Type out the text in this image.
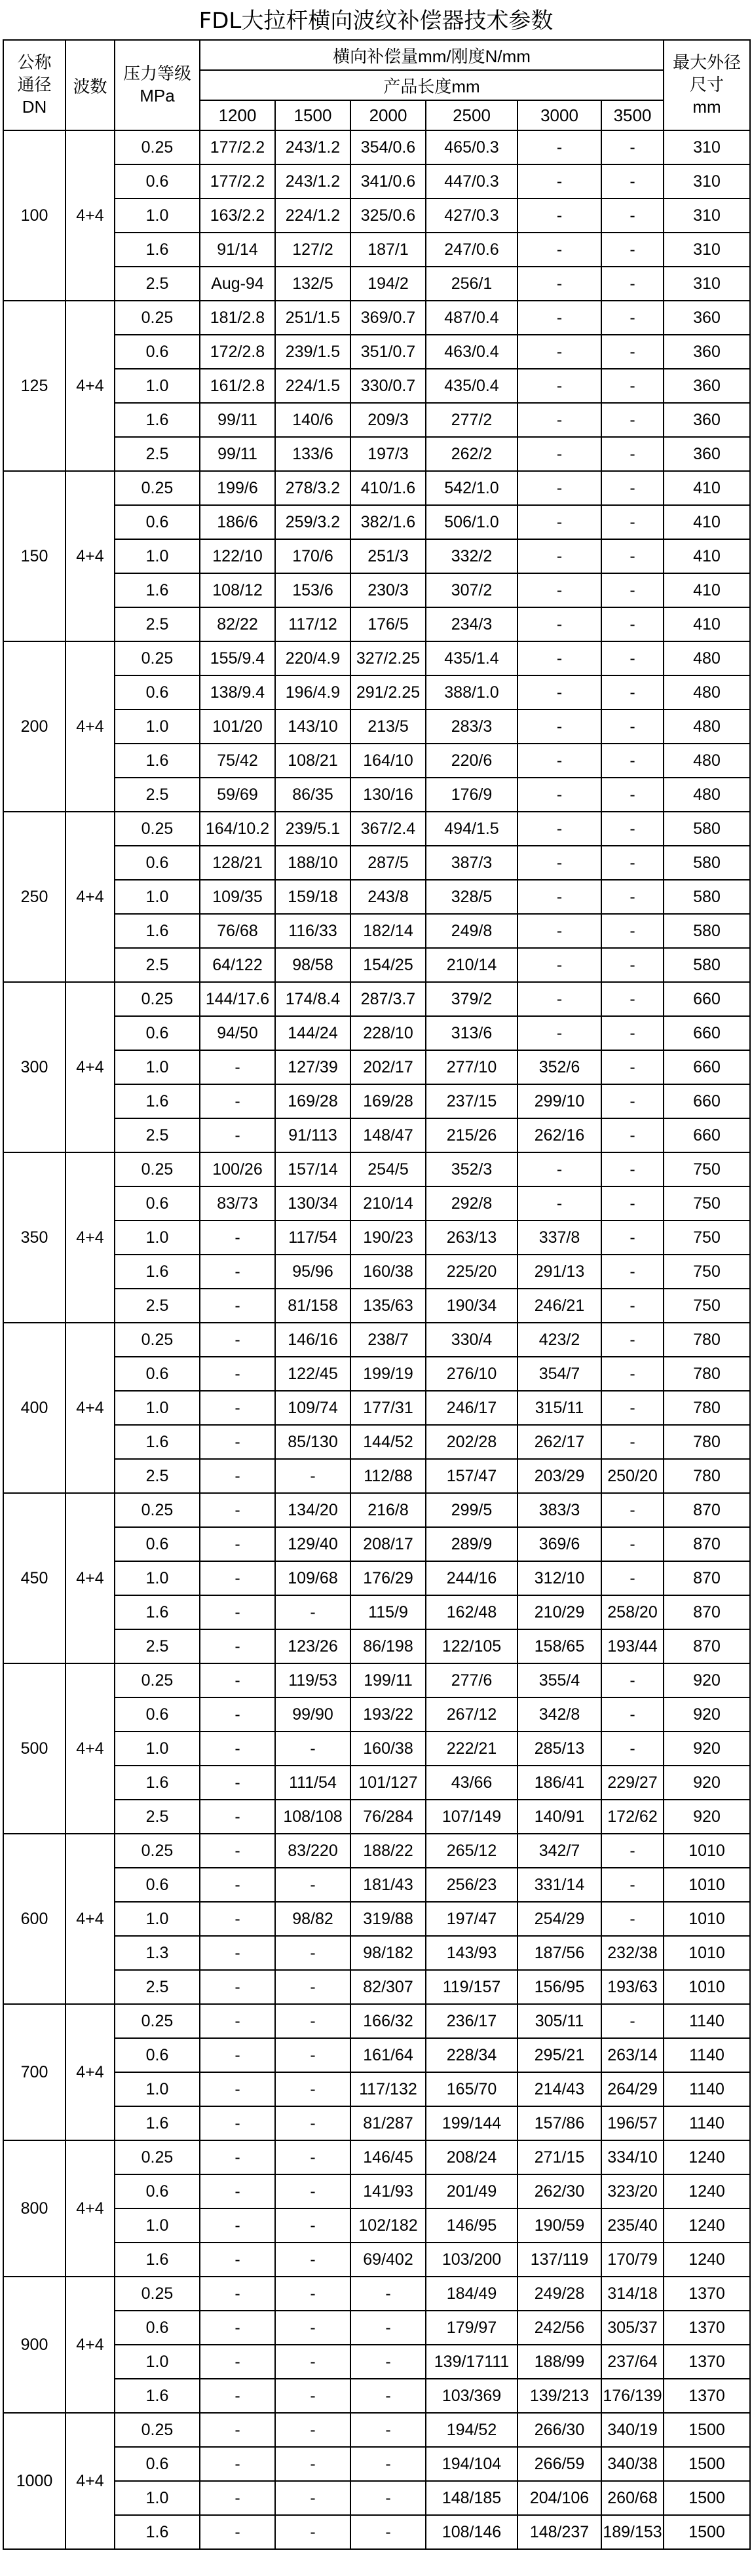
FDL大拉杆横向波纹补偿器技术参数
公称
通径
DN	波数	压力等级
MPa	横向补偿量mm/刚度N/mm						最大外径
尺寸
mm

			产品长度mm						
			1200	1500	2000	2500	3000	3500	
100	4+4	0.25	177/2.2	243/1.2	354/0.6	465/0.3	-	-	310
		0.6	177/2.2	243/1.2	341/0.6	447/0.3	-	-	310
		1.0	163/2.2	224/1.2	325/0.6	427/0.3	-	-	310
		1.6	91/14	127/2	187/1	247/0.6	-	-	310
		2.5	Aug-94	132/5	194/2	256/1	-	-	310
125	4+4	0.25	181/2.8	251/1.5	369/0.7	487/0.4	-	-	360
		0.6	172/2.8	239/1.5	351/0.7	463/0.4	-	-	360
		1.0	161/2.8	224/1.5	330/0.7	435/0.4	-	-	360
		1.6	99/11	140/6	209/3	277/2	-	-	360
		2.5	99/11	133/6	197/3	262/2	-	-	360
150	4+4	0.25	199/6	278/3.2	410/1.6	542/1.0	-	-	410
		0.6	186/6	259/3.2	382/1.6	506/1.0	-	-	410
		1.0	122/10	170/6	251/3	332/2	-	-	410
		1.6	108/12	153/6	230/3	307/2	-	-	410
		2.5	82/22	117/12	176/5	234/3	-	-	410
200	4+4	0.25	155/9.4	220/4.9	327/2.25	435/1.4	-	-	480
		0.6	138/9.4	196/4.9	291/2.25	388/1.0	-	-	480
		1.0	101/20	143/10	213/5	283/3	-	-	480
		1.6	75/42	108/21	164/10	220/6	-	-	480
		2.5	59/69	86/35	130/16	176/9	-	-	480
250	4+4	0.25	164/10.2	239/5.1	367/2.4	494/1.5	-	-	580
		0.6	128/21	188/10	287/5	387/3	-	-	580
		1.0	109/35	159/18	243/8	328/5	-	-	580
		1.6	76/68	116/33	182/14	249/8	-	-	580
		2.5	64/122	98/58	154/25	210/14	-	-	580
300	4+4	0.25	144/17.6	174/8.4	287/3.7	379/2	-	-	660
		0.6	94/50	144/24	228/10	313/6	-	-	660
		1.0	-	127/39	202/17	277/10	352/6	-	660
		1.6	-	169/28	169/28	237/15	299/10	-	660
		2.5	-	91/113	148/47	215/26	262/16	-	660
350	4+4	0.25	100/26	157/14	254/5	352/3	-	-	750
		0.6	83/73	130/34	210/14	292/8	-	-	750
		1.0	-	117/54	190/23	263/13	337/8	-	750
		1.6	-	95/96	160/38	225/20	291/13	-	750
		2.5	-	81/158	135/63	190/34	246/21	-	750
400	4+4	0.25	-	146/16	238/7	330/4	423/2	-	780
		0.6	-	122/45	199/19	276/10	354/7	-	780
		1.0	-	109/74	177/31	246/17	315/11	-	780
		1.6	-	85/130	144/52	202/28	262/17	-	780
		2.5	-	-	112/88	157/47	203/29	250/20	780
450	4+4	0.25	-	134/20	216/8	299/5	383/3	-	870
		0.6	-	129/40	208/17	289/9	369/6	-	870
		1.0	-	109/68	176/29	244/16	312/10	-	870
		1.6	-	-	115/9	162/48	210/29	258/20	870
		2.5	-	123/26	86/198	122/105	158/65	193/44	870
500	4+4	0.25	-	119/53	199/11	277/6	355/4	-	920
		0.6	-	99/90	193/22	267/12	342/8	-	920
		1.0	-	-	160/38	222/21	285/13	-	920
		1.6	-	111/54	101/127	43/66	186/41	229/27	920
		2.5	-	108/108	76/284	107/149	140/91	172/62	920
600	4+4	0.25	-	83/220	188/22	265/12	342/7	-	1010
		0.6	-	-	181/43	256/23	331/14	-	1010
		1.0	-	98/82	319/88	197/47	254/29	-	1010
		1.3	-	-	98/182	143/93	187/56	232/38	1010
		2.5	-	-	82/307	119/157	156/95	193/63	1010
700	4+4	0.25	-	-	166/32	236/17	305/11	-	1140
		0.6	-	-	161/64	228/34	295/21	263/14	1140
		1.0	-	-	117/132	165/70	214/43	264/29	1140
		1.6	-	-	81/287	199/144	157/86	196/57	1140
800	4+4	0.25	-	-	146/45	208/24	271/15	334/10	1240
		0.6	-	-	141/93	201/49	262/30	323/20	1240
		1.0	-	-	102/182	146/95	190/59	235/40	1240
		1.6	-	-	69/402	103/200	137/119	170/79	1240
900	4+4	0.25	-	-	-	184/49	249/28	314/18	1370
		0.6	-	-	-	179/97	242/56	305/37	1370
		1.0	-	-	-	139/17111	188/99	237/64	1370
		1.6	-	-	-	103/369	139/213	176/139	1370
1000	4+4	0.25	-	-	-	194/52	266/30	340/19	1500
		0.6	-	-	-	194/104	266/59	340/38	1500
		1.0	-	-	-	148/185	204/106	260/68	1500
		1.6	-	-	-	108/146	148/237	189/153	1500
